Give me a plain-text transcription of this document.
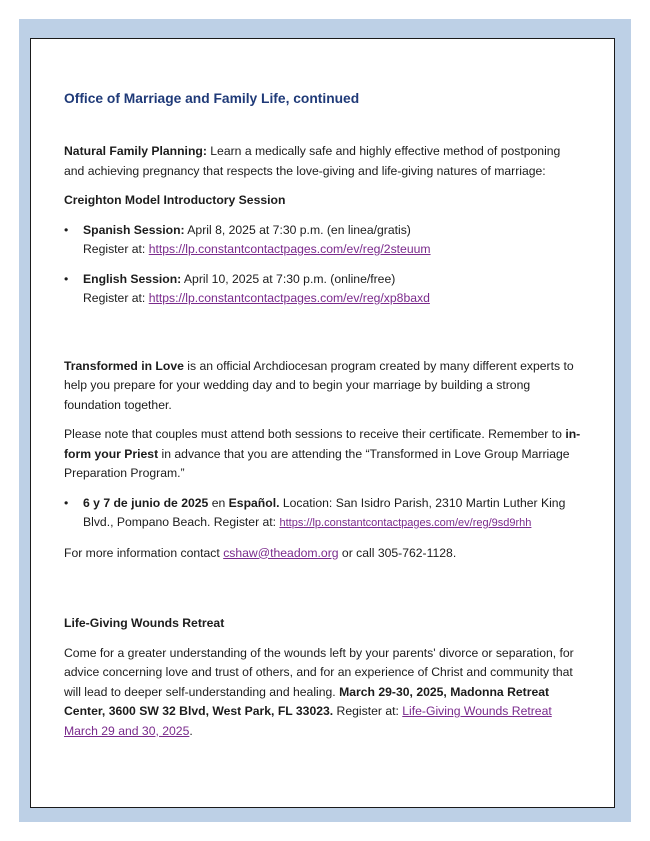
Office of Marriage and Family Life, continued

Natural Family Planning: Learn a medically safe and highly effective method of postponing and achieving pregnancy that respects the love-giving and life-giving natures of marriage:

Creighton Model Introductory Session

• Spanish Session: April 8, 2025 at 7:30 p.m. (en linea/gratis)
Register at: https://lp.constantcontactpages.com/ev/reg/2steuum
• English Session: April 10, 2025 at 7:30 p.m. (online/free)
Register at: https://lp.constantcontactpages.com/ev/reg/xp8baxd

Transformed in Love is an official Archdiocesan program created by many different experts to help you prepare for your wedding day and to begin your marriage by building a strong foundation together.

Please note that couples must attend both sessions to receive their certificate. Remember to in- form your Priest in advance that you are attending the “Transformed in Love Group Marriage Preparation Program.”

• 6 y 7 de junio de 2025 en Español. Location: San Isidro Parish, 2310 Martin Luther King Blvd., Pompano Beach. Register at: https://lp.constantcontactpages.com/ev/reg/9sd9rhh

For more information contact cshaw@theadom.org or call 305-762-1128.

Life-Giving Wounds Retreat

Come for a greater understanding of the wounds left by your parents' divorce or separation, for advice concerning love and trust of others, and for an experience of Christ and community that will lead to deeper self-understanding and healing. March 29-30, 2025, Madonna Retreat Center, 3600 SW 32 Blvd, West Park, FL 33023. Register at: Life-Giving Wounds Retreat March 29 and 30, 2025.
